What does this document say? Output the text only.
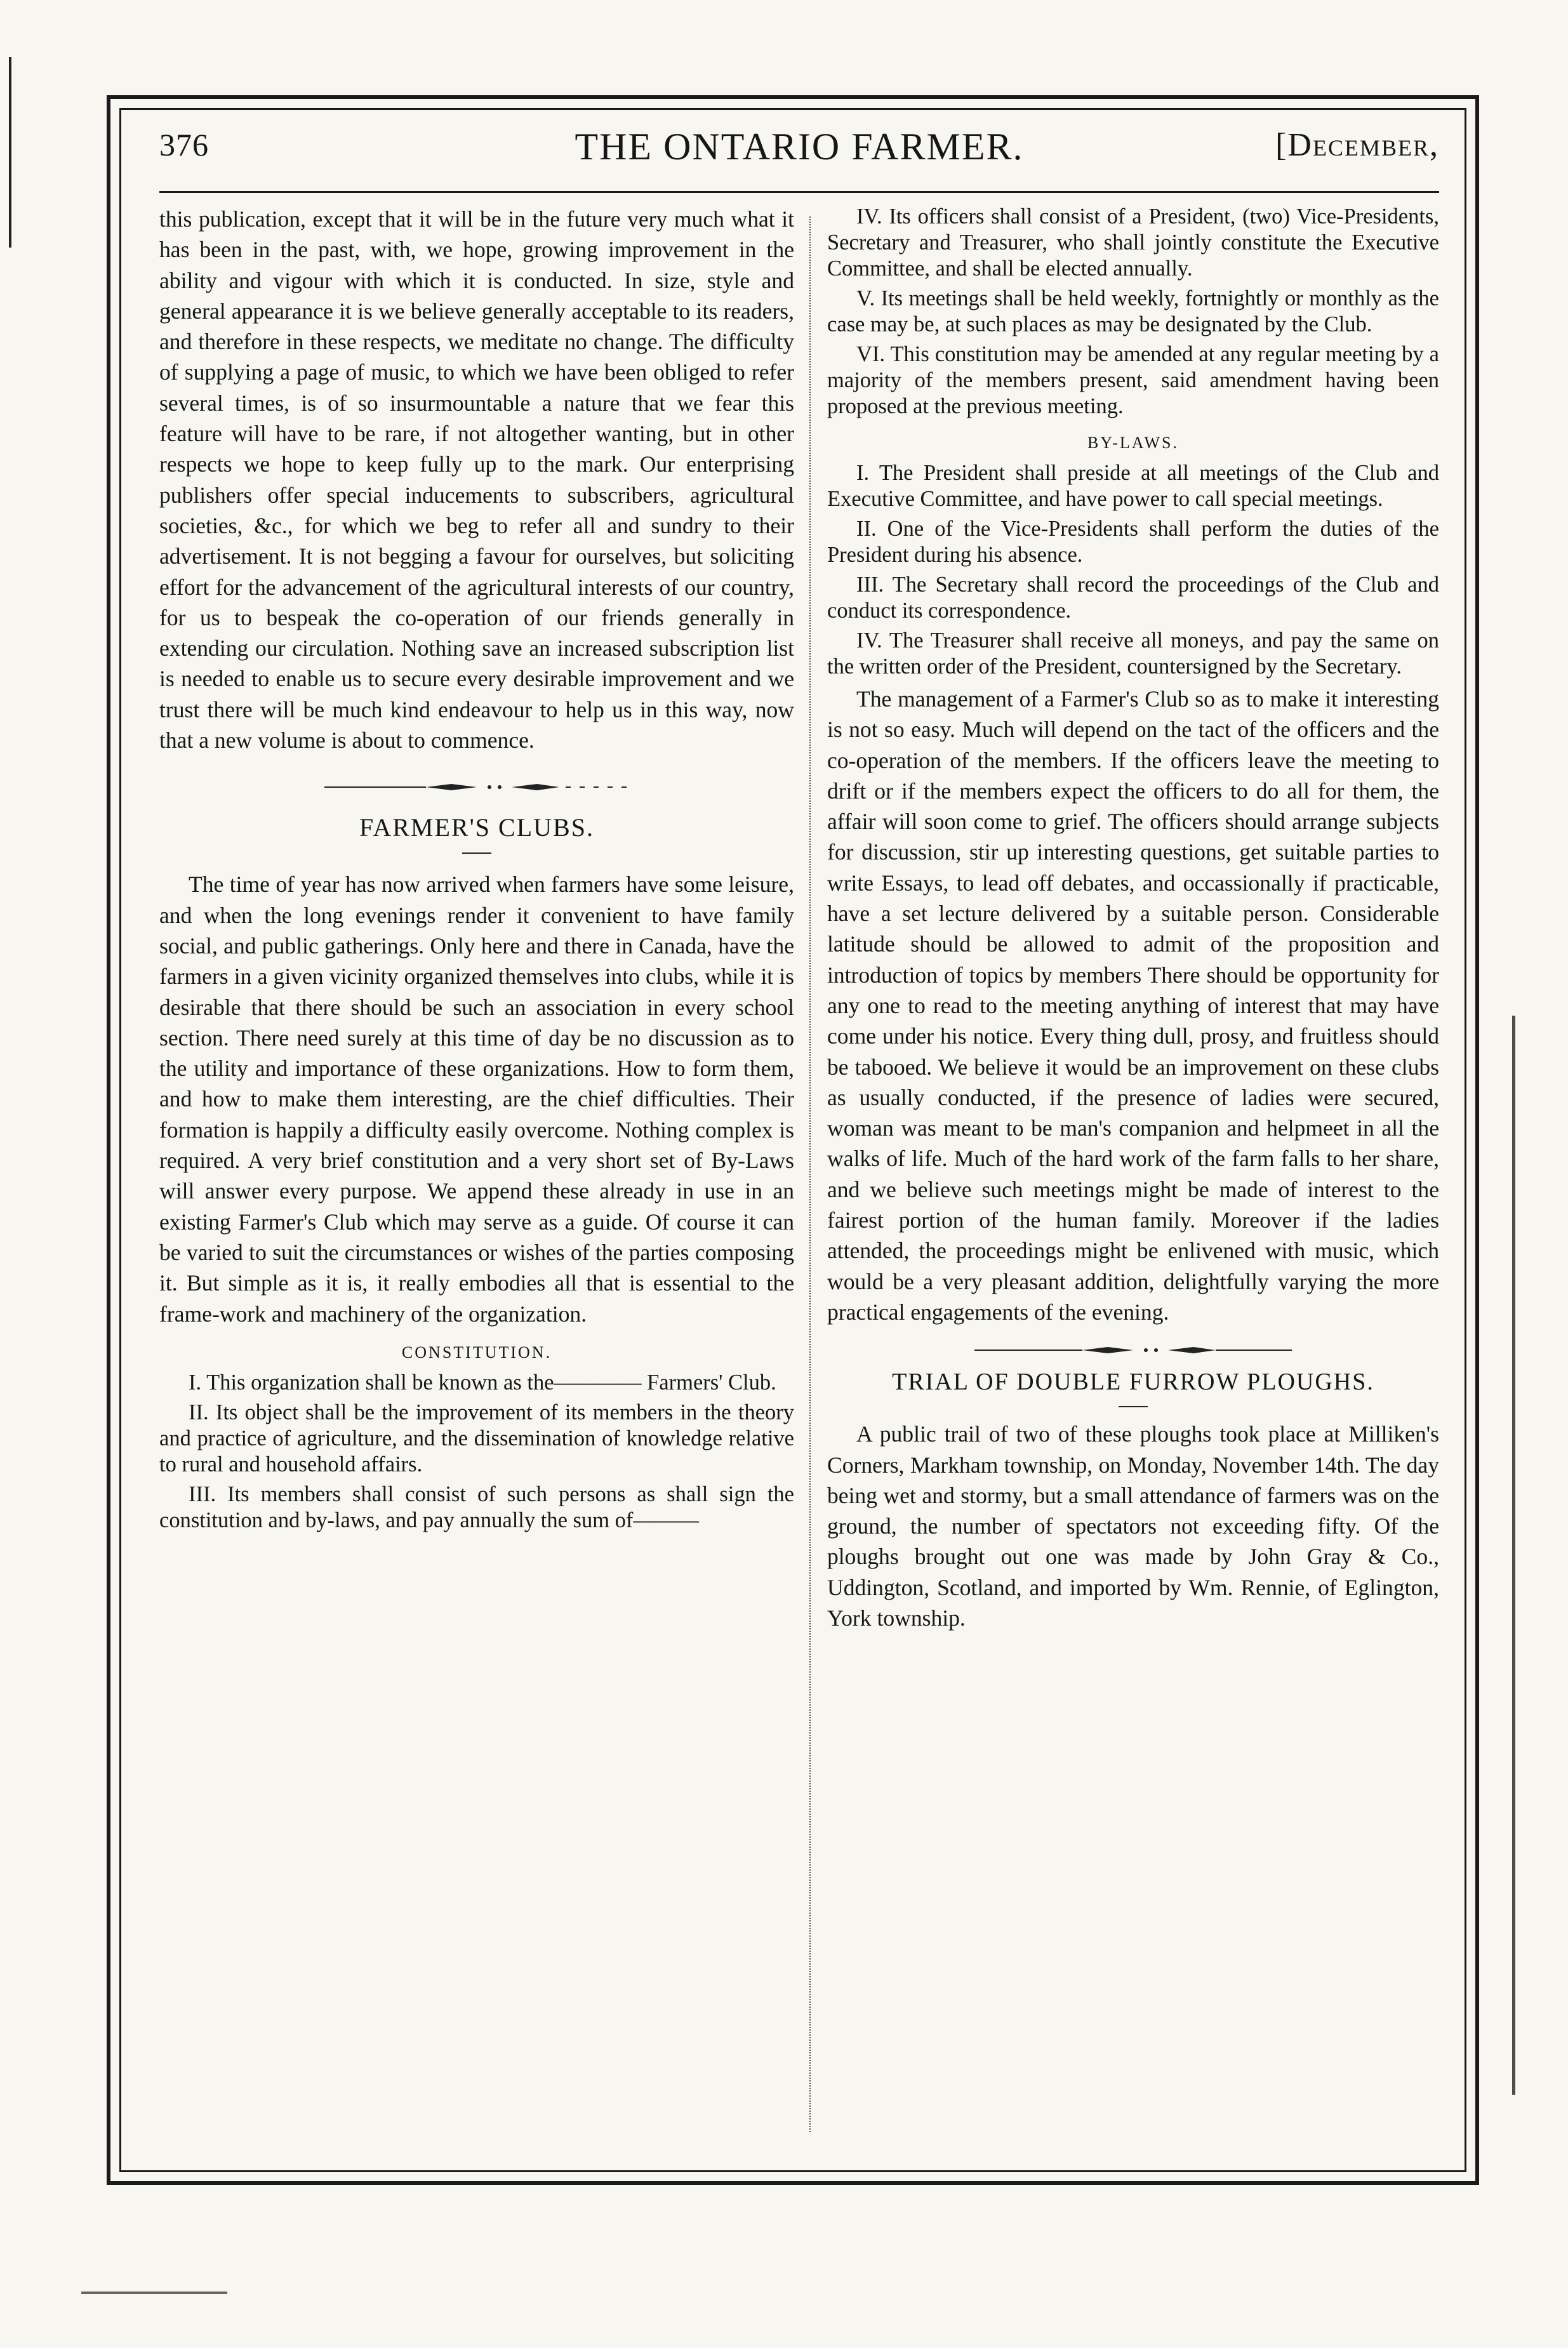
376	THE ONTARIO FARMER.	[December,

this publication, except that it will be in the future very much what it has been in the past, with, we hope, growing improvement in the ability and vigour with which it is conducted. In size, style and general appearance it is we believe generally acceptable to its readers, and therefore in these respects, we meditate no change. The difficulty of supplying a page of music, to which we have been obliged to refer several times, is of so insurmountable a nature that we fear this feature will have to be rare, if not altogether wanting, but in other respects we hope to keep fully up to the mark. Our enterprising publishers offer special inducements to subscribers, agricultural societies, &c., for which we beg to refer all and sundry to their advertisement. It is not begging a favour for ourselves, but soliciting effort for the advancement of the agricultural interests of our country, for us to bespeak the co-operation of our friends generally in extending our circulation. Nothing save an increased subscription list is needed to enable us to secure every desirable improvement and we trust there will be much kind endeavour to help us in this way, now that a new volume is about to commence.

FARMER'S CLUBS.

The time of year has now arrived when farmers have some leisure, and when the long evenings render it convenient to have family social, and public gatherings. Only here and there in Canada, have the farmers in a given vicinity organized themselves into clubs, while it is desirable that there should be such an association in every school section. There need surely at this time of day be no discussion as to the utility and importance of these organizations. How to form them, and how to make them interesting, are the chief difficulties. Their formation is happily a difficulty easily overcome. Nothing complex is required. A very brief constitution and a very short set of By-Laws will answer every purpose. We append these already in use in an existing Farmer's Club which may serve as a guide. Of course it can be varied to suit the circumstances or wishes of the parties composing it. But simple as it is, it really embodies all that is essential to the frame-work and machinery of the organization.

CONSTITUTION.

I. This organization shall be known as the———— Farmers' Club.

II. Its object shall be the improvement of its members in the theory and practice of agriculture, and the dissemination of knowledge relative to rural and household affairs.

III. Its members shall consist of such persons as shall sign the constitution and by-laws, and pay annually the sum of———

IV. Its officers shall consist of a President, (two) Vice-Presidents, Secretary and Treasurer, who shall jointly constitute the Executive Committee, and shall be elected annually.

V. Its meetings shall be held weekly, fortnightly or monthly as the case may be, at such places as may be designated by the Club.

VI. This constitution may be amended at any regular meeting by a majority of the members present, said amendment having been proposed at the previous meeting.

BY-LAWS.

I. The President shall preside at all meetings of the Club and Executive Committee, and have power to call special meetings.

II. One of the Vice-Presidents shall perform the duties of the President during his absence.

III. The Secretary shall record the proceedings of the Club and conduct its correspondence.

IV. The Treasurer shall receive all moneys, and pay the same on the written order of the President, countersigned by the Secretary.

The management of a Farmer's Club so as to make it interesting is not so easy. Much will depend on the tact of the officers and the co-operation of the members. If the officers leave the meeting to drift or if the members expect the officers to do all for them, the affair will soon come to grief. The officers should arrange subjects for discussion, stir up interesting questions, get suitable parties to write Essays, to lead off debates, and occassionally if practicable, have a set lecture delivered by a suitable person. Considerable latitude should be allowed to admit of the proposition and introduction of topics by members There should be opportunity for any one to read to the meeting anything of interest that may have come under his notice. Every thing dull, prosy, and fruitless should be tabooed. We believe it would be an improvement on these clubs as usually conducted, if the presence of ladies were secured, woman was meant to be man's companion and helpmeet in all the walks of life. Much of the hard work of the farm falls to her share, and we believe such meetings might be made of interest to the fairest portion of the human family. Moreover if the ladies attended, the proceedings might be enlivened with music, which would be a very pleasant addition, delightfully varying the more practical engagements of the evening.

TRIAL OF DOUBLE FURROW PLOUGHS.

A public trail of two of these ploughs took place at Milliken's Corners, Markham township, on Monday, November 14th. The day being wet and stormy, but a small attendance of farmers was on the ground, the number of spectators not exceeding fifty. Of the ploughs brought out one was made by John Gray & Co., Uddington, Scotland, and imported by Wm. Rennie, of Eglington, York township.
